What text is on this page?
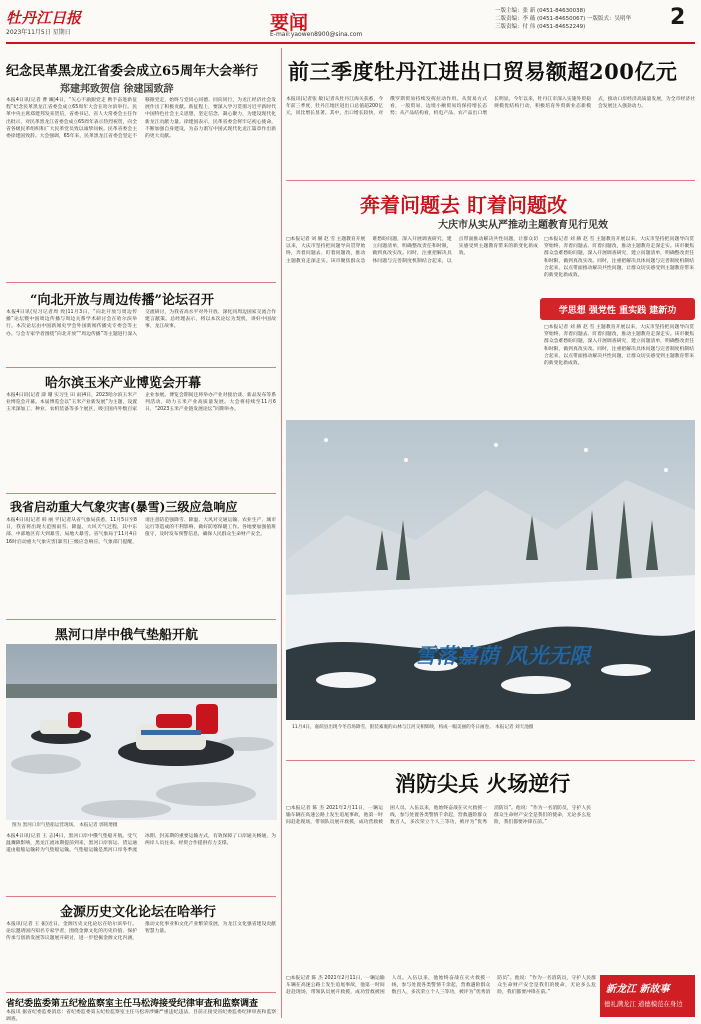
牡丹江日报
2023年11月5日 星期日	要闻
E-mail:yaowen8900@sina.com
一版主编：张 新 (0451-84630038)
二版责编：李 薇 (0451-84650067) 一版版式：吴明华
三版责编：付 伟 (0451-84652249)	2
纪念民革黑龙江省委会成立65周年大会举行
郑建邦致贺信 徐建国致辞
本报4日讯(记者 曹 曦)4日，“矢心不渝跟党走 携手奋进新征程”纪念民革黑龙江省委会成立65周年大会在哈尔滨举行。民革中央主席郑建邦发来贺信，省委书记、省人大常委会主任作出批示，对民革黑龙江省委会成立65周年表示热烈祝贺，向全省各级民革组织和广大民革党员致以诚挚问候。民革省委会主委徐建国致辞。大会强调，65年来，民革黑龙江省委会坚定不移跟党走，始终与党同心同德、同向同行，为龙江经济社会发展作出了积极贡献。新征程上，要深入学习贯彻习近平新时代中国特色社会主义思想，坚定信念、凝心聚力，为建设现代化新龙江贡献力量。徐建国表示，民革省委会将牢记初心使命，不断加强自身建设，为奋力谱写中国式现代化龙江篇章作出新的更大贡献。
“向北开放与周边传播”论坛召开
本报4日讯(见习记者周 致)11月3日，“向北开放与周边传播”论坛暨中国周边传播与周边关系学术研讨会在哈尔滨举行。本次论坛由中国新闻史学会外国新闻传播史专委会等主办。与会专家学者围绕“向北开放”“周边传播”等主题进行深入交流研讨，为我省高水平对外开放、深化同周边国家交流合作建言献策。总经理表示，将以本次论坛为契机，讲好中国故事、龙江故事。
哈尔滨玉米产业博览会开幕
本报4日讯(记者 薛 珊 实习生 田 雨)4日，2023哈尔滨玉米产业博览会开幕。本届博览会以“玉米产业新发展”为主题，设置玉米深加工、种业、农机装备等多个展区，吸引国内外数百家企业参展。博览会期间还将举办产业对接洽谈、新品发布等系列活动，助力玉米产业高质量发展。大会将持续至11月6日，“2023玉米产业链发展论坛”同期举办。
我省启动重大气象灾害(暴雪)三级应急响应
本报4日讯(记者 韩 丽 平)记者从省气象局获悉，11月5日至8日，我省将出现大范围雨雪、降温、大风天气过程，其中东部、中部地区有大到暴雪，局地大暴雪。省气象局于11月4日16时启动重大气象灾害(暴雪)三级应急响应。气象部门提醒，请注意防范强降雪、降温、大风对交通运输、农业生产、城市运行等造成的不利影响，做好防寒保暖工作。各地要加强值班值守，及时发布预警信息，确保人民群众生命财产安全。
黑河口岸中俄气垫船开航
图为 黑河口岸气垫船运营现场。 本报记者 郭铭增摄
本报4日讯(记者 王 志)4日，黑河口岸中俄气垫船开航。受气温骤降影响，黑龙江流冰期提前到来，黑河口岸客运、货运通道由船舶运输转为气垫船运输。气垫船运输是黑河口岸冬季流冰期、封冻期的重要运输方式，有效保障了口岸通关畅通，为两岸人员往来、经贸合作提供有力支撑。
金源历史文化论坛在哈举行
本报讯(记者 王 振)近日，金源历史文化论坛在哈尔滨举行。论坛邀请国内知名专家学者，围绕金源文化的历史价值、保护传承与创新发展等议题展开研讨，进一步挖掘金源文化内涵，推动文化事业和文化产业繁荣发展，为龙江文化强省建设贡献智慧力量。
省纪委监委第五纪检监察室主任马松涛接受纪律审查和监察调查
本报讯 据省纪委监委消息：省纪委监委第五纪检监察室主任马松涛涉嫌严重违纪违法，目前正接受省纪委监委纪律审查和监察调查。
前三季度牡丹江进出口贸易额超200亿元
本报讯(记者张 敏)记者从牡丹江海关获悉，今年前三季度，牡丹江地区进出口总值超200亿元，同比增长显著。其中，出口增长较快，对俄罗斯贸易持续发挥拉动作用。从贸易方式看，一般贸易、边境小额贸易均保持增长态势；从产品结构看，机电产品、农产品出口增长明显。今年以来，牡丹江市深入实施外贸稳规模优结构行动，积极培育外贸新业态新模式，推动口岸经济高质量发展，为全市经济社会发展注入强劲动力。
奔着问题去 盯着问题改
大庆市从实从严推动主题教育见行见效
□本报记者 刘 赫 赵 雪 主题教育开展以来，大庆市坚持把问题导向贯穿始终，奔着问题去、盯着问题改，推动主题教育走深走实。该市聚焦群众急难愁盼问题，深入开展调查研究，建立问题清单，明确整改责任和时限，做到真改实改。同时，注重把解决具体问题与完善制度机制结合起来，以点带面推动解决共性问题，让群众切实感受到主题教育带来的新变化新成效。
□本报记者 刘 赫 赵 雪 主题教育开展以来，大庆市坚持把问题导向贯穿始终，奔着问题去、盯着问题改，推动主题教育走深走实。该市聚焦群众急难愁盼问题，深入开展调查研究，建立问题清单，明确整改责任和时限，做到真改实改。同时，注重把解决具体问题与完善制度机制结合起来，以点带面推动解决共性问题，让群众切实感受到主题教育带来的新变化新成效。
学思想 强党性 重实践 建新功
□本报记者 刘 赫 赵 雪 主题教育开展以来，大庆市坚持把问题导向贯穿始终，奔着问题去、盯着问题改，推动主题教育走深走实。该市聚焦群众急难愁盼问题，深入开展调查研究，建立问题清单，明确整改责任和时限，做到真改实改。同时，注重把解决具体问题与完善制度机制结合起来，以点带面推动解决共性问题，让群众切实感受到主题教育带来的新变化新成效。
雪落嘉荫 风光无限
11月4日，嘉荫县出现今冬首场降雪，银装素裹的山林与江河交相辉映，构成一幅美丽的冬日画卷。 本报记者 刘天池摄
消防尖兵 火场逆行
□本报记者 陈 杰 2021年2月11日，一辆运输车辆在高速公路上发生追尾事故，他第一时间赶赴现场，带领队员展开救援，成功营救被困人员。入伍以来，他始终奋战在灭火救援一线，参与处置各类警情千余起，营救遇险群众数百人，多次荣立个人三等功，被评为“优秀消防员”。他说：“作为一名消防员，守护人民群众生命财产安全是我们的使命，无论多么危险，我们都要冲锋在前。”
□本报记者 陈 杰 2021年2月11日，一辆运输车辆在高速公路上发生追尾事故，他第一时间赶赴现场，带领队员展开救援，成功营救被困人员。入伍以来，他始终奋战在灭火救援一线，参与处置各类警情千余起，营救遇险群众数百人，多次荣立个人三等功，被评为“优秀消防员”。他说：“作为一名消防员，守护人民群众生命财产安全是我们的使命，无论多么危险，我们都要冲锋在前。”	新龙江 新故事
德礼满龙江 道德模范在身边
